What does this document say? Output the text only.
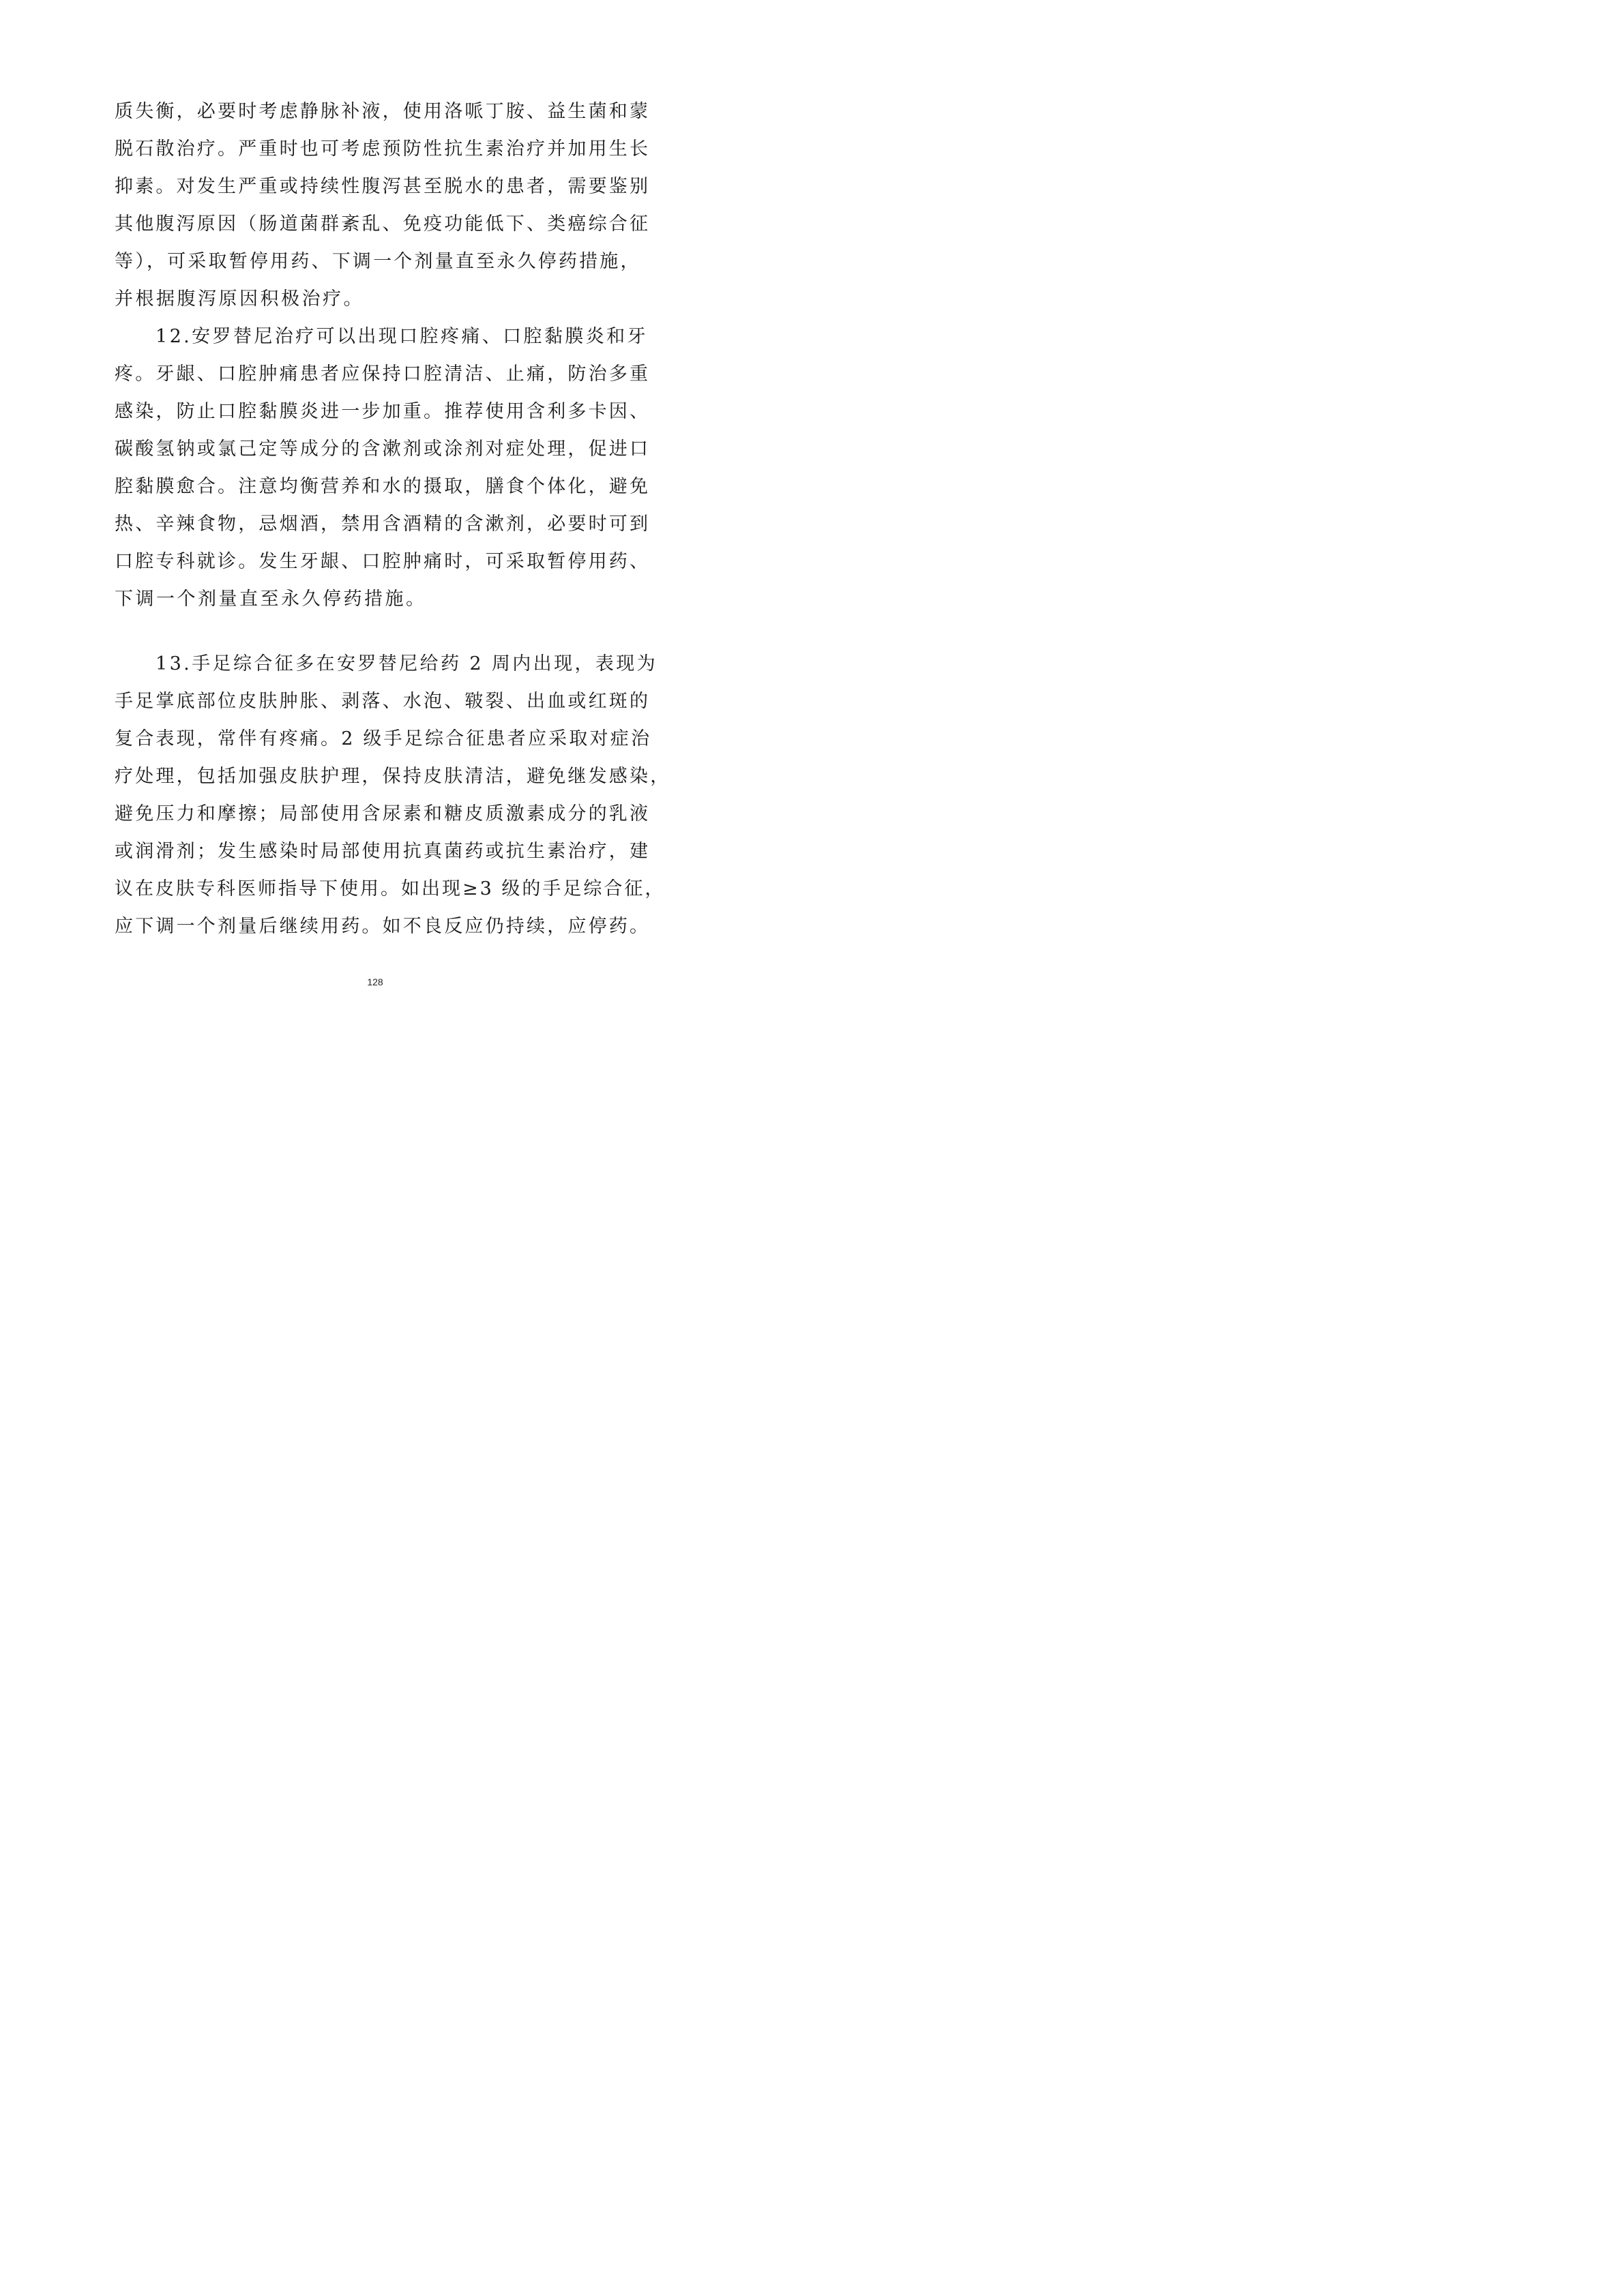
质失衡，必要时考虑静脉补液，使用洛哌丁胺、益生菌和蒙
脱石散治疗。严重时也可考虑预防性抗生素治疗并加用生长
抑素。对发生严重或持续性腹泻甚至脱水的患者，需要鉴别
其他腹泻原因（肠道菌群紊乱、免疫功能低下、类癌综合征
等），可采取暂停用药、下调一个剂量直至永久停药措施，
并根据腹泻原因积极治疗。
12.安罗替尼治疗可以出现口腔疼痛、口腔黏膜炎和牙
疼。牙龈、口腔肿痛患者应保持口腔清洁、止痛，防治多重
感染，防止口腔黏膜炎进一步加重。推荐使用含利多卡因、
碳酸氢钠或氯己定等成分的含漱剂或涂剂对症处理，促进口
腔黏膜愈合。注意均衡营养和水的摄取，膳食个体化，避免
热、辛辣食物，忌烟酒，禁用含酒精的含漱剂，必要时可到
口腔专科就诊。发生牙龈、口腔肿痛时，可采取暂停用药、
下调一个剂量直至永久停药措施。
13.手足综合征多在安罗替尼给药 2 周内出现，表现为
手足掌底部位皮肤肿胀、剥落、水泡、皲裂、出血或红斑的
复合表现，常伴有疼痛。2 级手足综合征患者应采取对症治
疗处理，包括加强皮肤护理，保持皮肤清洁，避免继发感染，
避免压力和摩擦；局部使用含尿素和糖皮质激素成分的乳液
或润滑剂；发生感染时局部使用抗真菌药或抗生素治疗，建
议在皮肤专科医师指导下使用。如出现≥3 级的手足综合征，
应下调一个剂量后继续用药。如不良反应仍持续，应停药。
128
